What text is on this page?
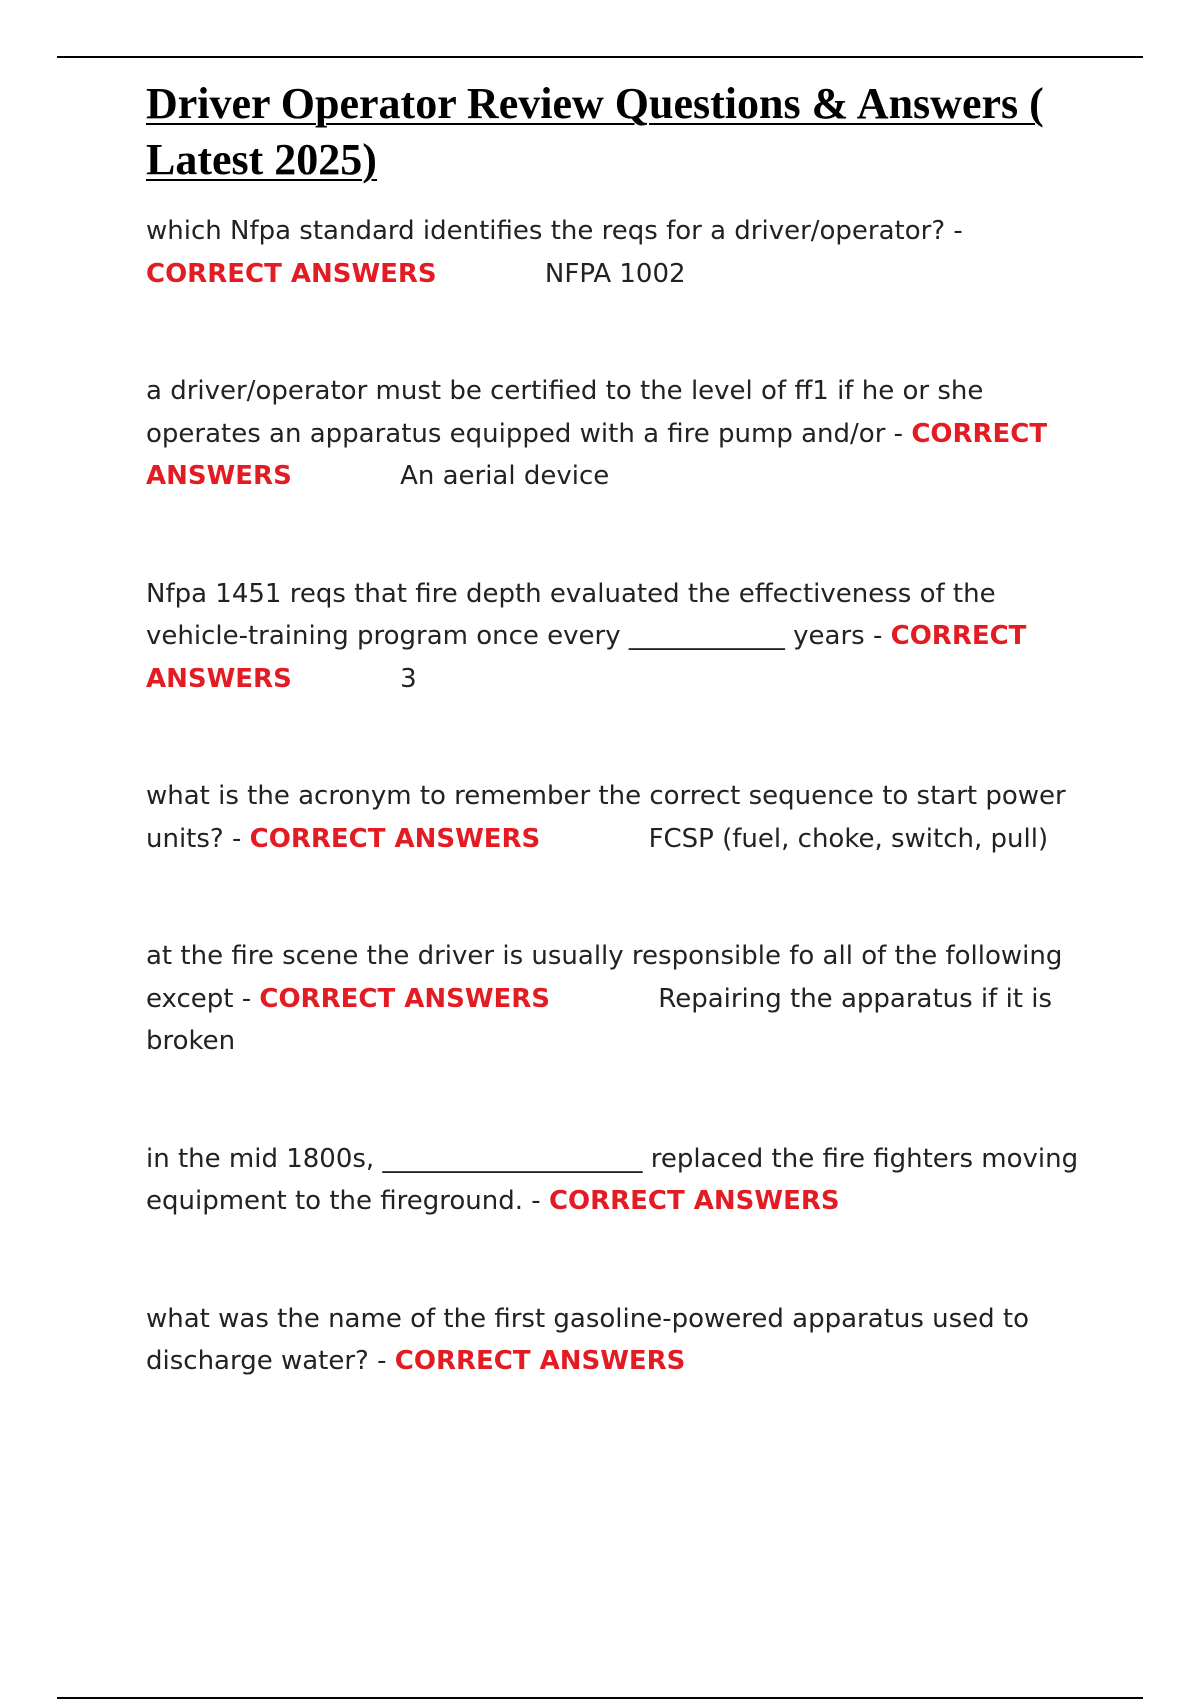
Driver Operator Review Questions & Answers ( Latest 2025)

which Nfpa standard identifies the reqs for a driver/operator? - CORRECT ANSWERS	NFPA 1002

a driver/operator must be certified to the level of ff1 if he or she operates an apparatus equipped with a fire pump and/or - CORRECT ANSWERS	An aerial device

Nfpa 1451 reqs that fire depth evaluated the effectiveness of the vehicle-training program once every ____________ years - CORRECT ANSWERS	3

what is the acronym to remember the correct sequence to start power units? - CORRECT ANSWERS	FCSP (fuel, choke, switch, pull)

at the fire scene the driver is usually responsible fo all of the following except - CORRECT ANSWERS	Repairing the apparatus if it is broken

in the mid 1800s, ____________________ replaced the fire fighters moving equipment to the fireground. - CORRECT ANSWERS

what was the name of the first gasoline-powered apparatus used to discharge water? - CORRECT ANSWERS
